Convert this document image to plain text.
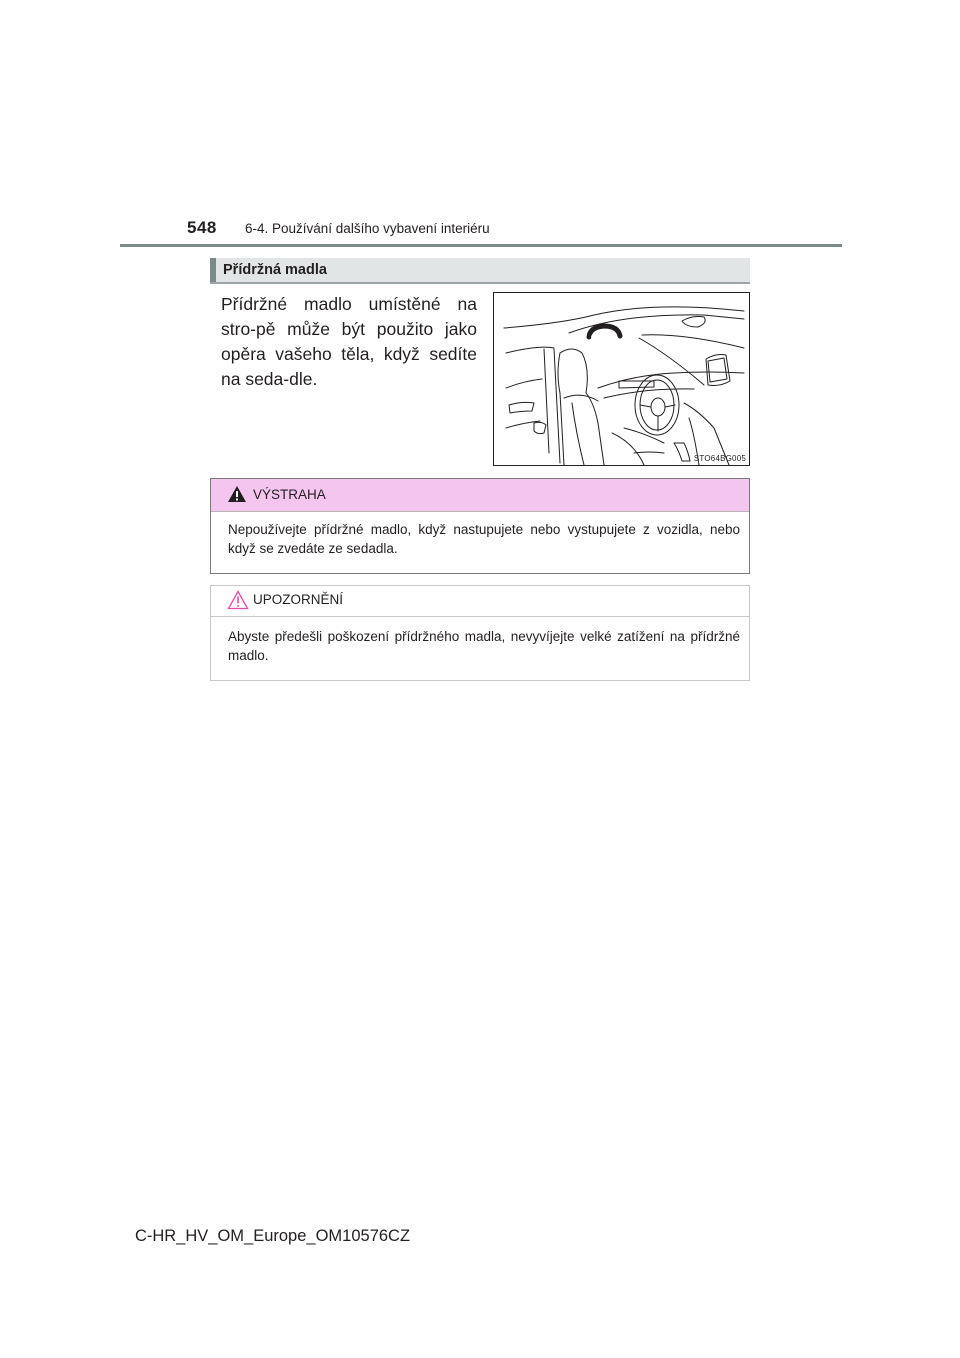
548 6-4. Používání dalšího vybavení interiéru
Přídržná madla
Přídržné madlo umístěné na stro-pě může být použito jako opěra vašeho těla, když sedíte na seda-dle.
STO64BG005
VÝSTRAHA
Nepoužívejte přídržné madlo, když nastupujete nebo vystupujete z vozidla, nebo když se zvedáte ze sedadla.
UPOZORNĚNÍ
Abyste předešli poškození přídržného madla, nevyvíjejte velké zatížení na přídržné madlo.
C-HR_HV_OM_Europe_OM10576CZ
